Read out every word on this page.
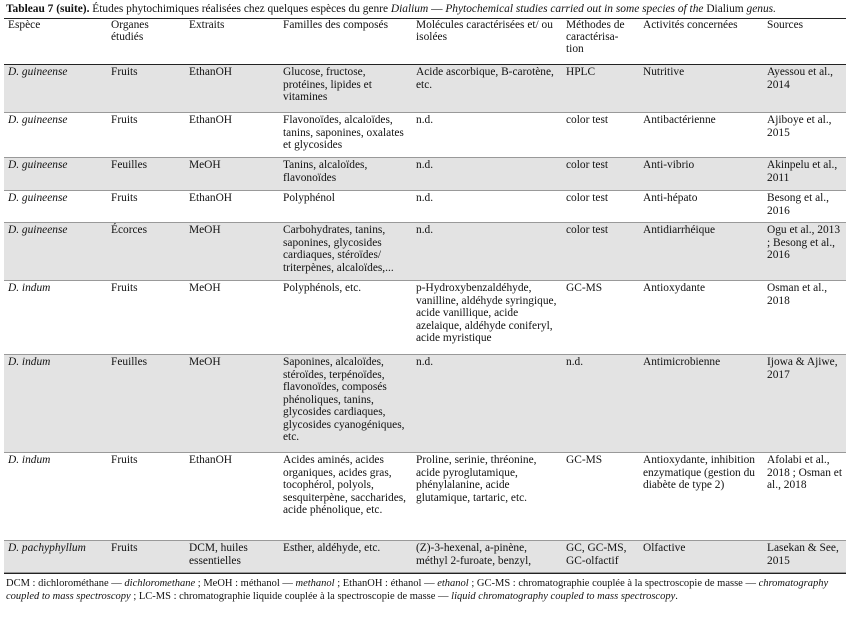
Tableau 7 (suite). Études phytochimiques réalisées chez quelques espèces du genre Dialium — Phytochemical studies carried out in some species of the Dialium genus.
Espèce	Organes étudiés	Extraits	Familles des composés	Molécules caractérisées et/ ou isolées	Méthodes de caractérisa-tion	Activités concernées	Sources
D. guineense	Fruits	EthanOH	Glucose, fructose, protéines, lipides et vitamines	Acide ascorbique, B-carotène, etc.	HPLC	Nutritive	Ayessou et al., 2014
D. guineense	Fruits	EthanOH	Flavonoïdes, alcaloïdes, tanins, saponines, oxalates et glycosides	n.d.	color test	Antibactérienne	Ajiboye et al., 2015
D. guineense	Feuilles	MeOH	Tanins, alcaloïdes, flavonoïdes	n.d.	color test	Anti-vibrio	Akinpelu et al., 2011
D. guineense	Fruits	EthanOH	Polyphénol	n.d.	color test	Anti-hépato	Besong et al., 2016
D. guineense	Écorces	MeOH	Carbohydrates, tanins, saponines, glycosides cardiaques, stéroïdes/ triterpènes, alcaloïdes,...	n.d.	color test	Antidiarrhéique	Ogu et al., 2013 ; Besong et al., 2016
D. indum	Fruits	MeOH	Polyphénols, etc.	p-Hydroxybenzaldéhyde, vanilline, aldéhyde syringique, acide vanillique, acide azelaique, aldéhyde coniferyl, acide myristique	GC-MS	Antioxydante	Osman et al., 2018
D. indum	Feuilles	MeOH	Saponines, alcaloïdes, stéroïdes, terpénoïdes, flavonoïdes, composés phénoliques, tanins, glycosides cardiaques, glycosides cyanogéniques, etc.	n.d.	n.d.	Antimicrobienne	Ijowa & Ajiwe, 2017
D. indum	Fruits	EthanOH	Acides aminés, acides organiques, acides gras, tocophérol, polyols, sesquiterpène, saccharides, acide phénolique, etc.	Proline, serinie, thréonine, acide pyroglutamique, phénylalanine, acide glutamique, tartaric, etc.	GC-MS	Antioxydante, inhibition enzymatique (gestion du diabète de type 2)	Afolabi et al., 2018 ; Osman et al., 2018
D. pachyphyllum	Fruits	DCM, huiles essentielles	Esther, aldéhyde, etc.	(Z)-3-hexenal, a-pinène, méthyl 2-furoate, benzyl,	GC, GC-MS, GC-olfactif	Olfactive	Lasekan & See, 2015
DCM : dichlorométhane — dichloromethane ; MeOH : méthanol — methanol ; EthanOH : éthanol — ethanol ; GC-MS : chromatographie couplée à la spectroscopie de masse — chromatography coupled to mass spectroscopy ; LC-MS : chromatographie liquide couplée à la spectroscopie de masse — liquid chromatography coupled to mass spectroscopy.
